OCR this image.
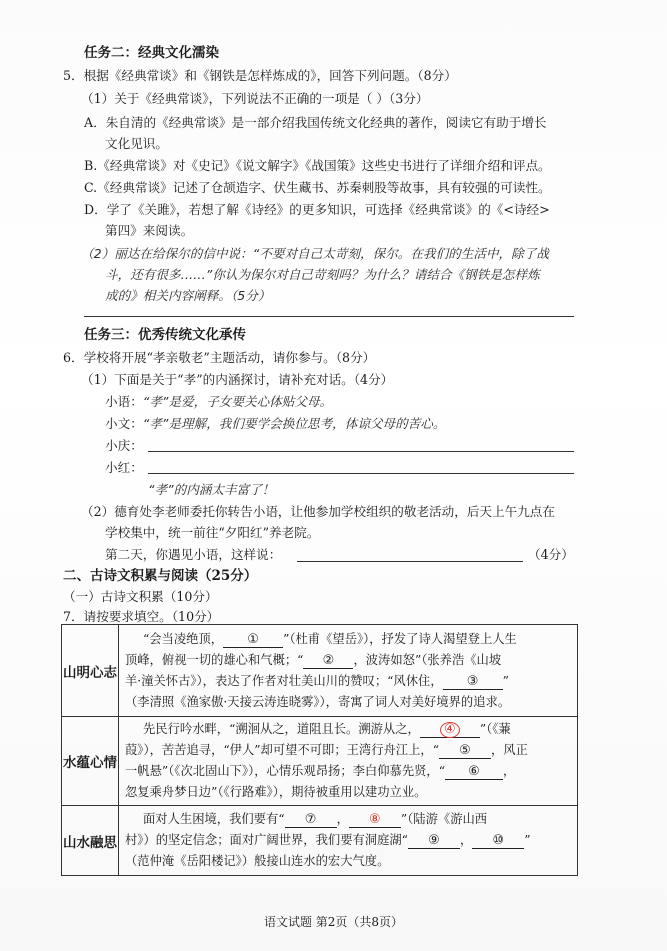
任务二：经典文化濡染
5．根据《经典常谈》和《钢铁是怎样炼成的》，回答下列问题。（8分）
（1）关于《经典常谈》，下列说法不正确的一项是（ ）（3分）
A．朱自清的《经典常谈》是一部介绍我国传统文化经典的著作，阅读它有助于增长
文化见识。
B.《经典常谈》对《史记》《说文解字》《战国策》这些史书进行了详细介绍和评点。
C.《经典常谈》记述了仓颉造字、伏生藏书、苏秦刺股等故事，具有较强的可读性。
D．学了《关雎》，若想了解《诗经》的更多知识，可选择《经典常谈》的《<诗经>
第四》来阅读。
（2）丽达在给保尔的信中说：“不要对自己太苛刻，保尔。在我们的生活中，除了战
斗，还有很多……”你认为保尔对自己苛刻吗？为什么？请结合《钢铁是怎样炼
成的》相关内容阐释。（5分）
任务三：优秀传统文化承传
6．学校将开展“孝亲敬老”主题活动，请你参与。（8分）
（1）下面是关于“孝”的内涵探讨，请补充对话。（4分）
小语：“孝”是爱，子女要关心体贴父母。
小文：“孝”是理解，我们要学会换位思考，体谅父母的苦心。
小庆：
小红：
“孝”的内涵太丰富了！
（2）德育处李老师委托你转告小语，让他参加学校组织的敬老活动，后天上午九点在
学校集中，统一前往“夕阳红”养老院。
第二天，你遇见小语，这样说：	（4分）
二、古诗文积累与阅读（25分）
（一）古诗文积累（10分）
7．请按要求填空。（10分）
山明心志	“会当凌绝顶， ① ”（杜甫《望岳》），抒发了诗人渴望登上人生
顶峰，俯视一切的雄心和气概；“ ② ，波涛如怒”（张养浩《山坡
羊·潼关怀古》），表达了作者对壮美山川的赞叹；“风休住， ③ ”
（李清照《渔家傲·天接云涛连晓雾》），寄寓了词人对美好境界的追求。

水蕴心情	先民行吟水畔，“溯洄从之，道阻且长。溯游从之， ④ ”（《蒹
葭》），苦苦追寻，“伊人”却可望不可即；王湾行舟江上，“ ⑤ ，风正
一帆悬”（《次北固山下》），心情乐观昂扬；李白仰慕先贤，“ ⑥ ，
忽复乘舟梦日边”（《行路难》），期待被重用以建功立业。

山水融思	面对人生困境，我们要有“ ⑦ ， ⑧ ”（陆游《游山西
村》）的坚定信念；面对广阔世界，我们要有洞庭湖“ ⑨ ， ⑩ ”
（范仲淹《岳阳楼记》）般接山连水的宏大气度。
语文试题 第2页（共8页）
